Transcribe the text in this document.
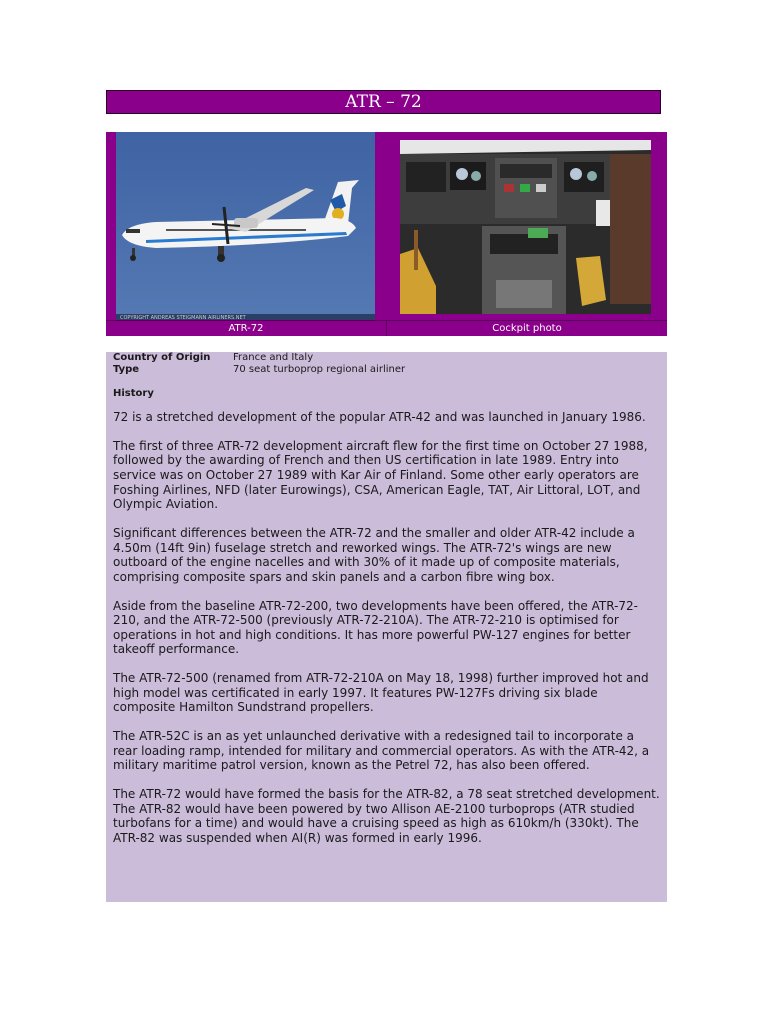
ATR – 72
COPYRIGHT ANDREAS STEIGMANN AIRLINERS.NET
ATR-72	Cockpit photo
Country of Origin	France and Italy
Type	70 seat turboprop regional airliner
History

72 is a stretched development of the popular ATR-42 and was launched in January 1986.

The first of three ATR-72 development aircraft flew for the first time on October 27 1988, followed by the awarding of French and then US certification in late 1989. Entry into service was on October 27 1989 with Kar Air of Finland. Some other early operators are Foshing Airlines, NFD (later Eurowings), CSA, American Eagle, TAT, Air Littoral, LOT, and Olympic Aviation.

Significant differences between the ATR-72 and the smaller and older ATR-42 include a 4.50m (14ft 9in) fuselage stretch and reworked wings. The ATR-72's wings are new outboard of the engine nacelles and with 30% of it made up of composite materials, comprising composite spars and skin panels and a carbon fibre wing box.

Aside from the baseline ATR-72-200, two developments have been offered, the ATR-72-210, and the ATR-72-500 (previously ATR-72-210A). The ATR-72-210 is optimised for operations in hot and high conditions. It has more powerful PW-127 engines for better takeoff performance.

The ATR-72-500 (renamed from ATR-72-210A on May 18, 1998) further improved hot and high model was certificated in early 1997. It features PW-127Fs driving six blade composite Hamilton Sundstrand propellers.

The ATR-52C is an as yet unlaunched derivative with a redesigned tail to incorporate a rear loading ramp, intended for military and commercial operators. As with the ATR-42, a military maritime patrol version, known as the Petrel 72, has also been offered.

The ATR-72 would have formed the basis for the ATR-82, a 78 seat stretched development. The ATR-82 would have been powered by two Allison AE-2100 turboprops (ATR studied turbofans for a time) and would have a cruising speed as high as 610km/h (330kt). The ATR-82 was suspended when AI(R) was formed in early 1996.
